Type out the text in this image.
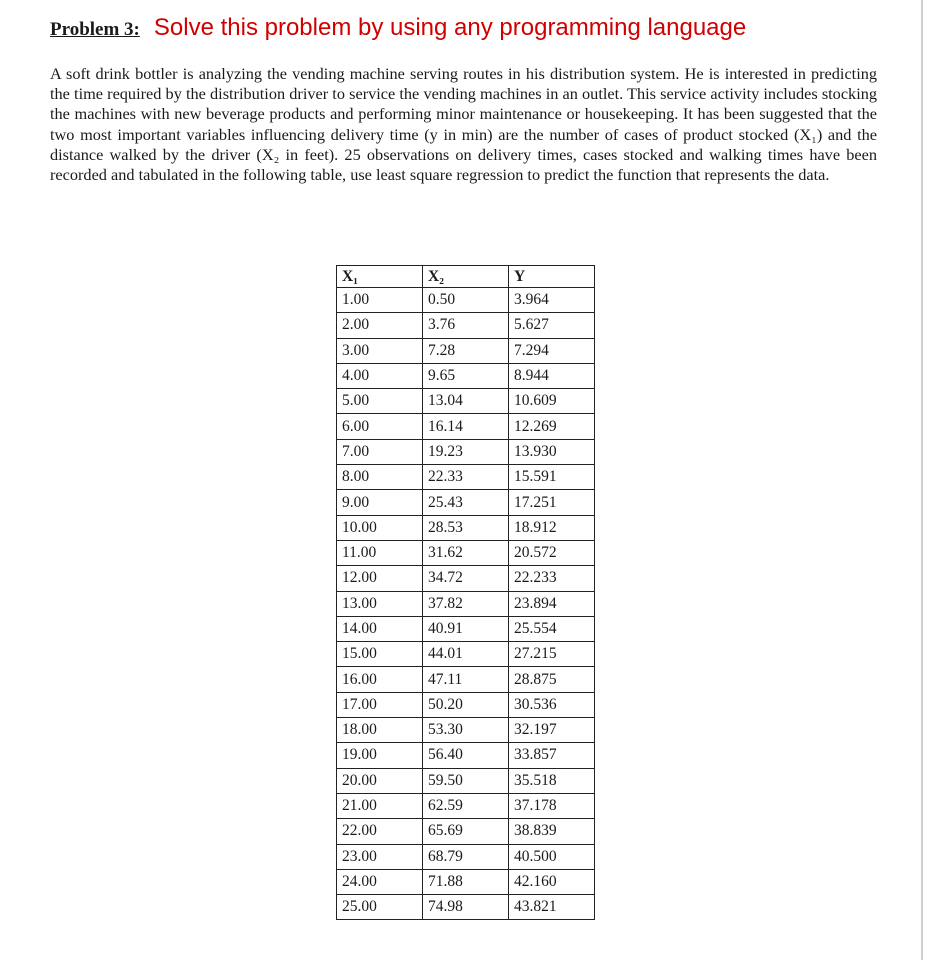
Problem 3: Solve this problem by using any programming language

A soft drink bottler is analyzing the vending machine serving routes in his distribution system. He is interested in predicting the time required by the distribution driver to service the vending machines in an outlet. This service activity includes stocking the machines with new beverage products and performing minor maintenance or housekeeping. It has been suggested that the two most important variables influencing delivery time (y in min) are the number of cases of product stocked (X₁) and the distance walked by the driver (X₂ in feet). 25 observations on delivery times, cases stocked and walking times have been recorded and tabulated in the following table, use least square regression to predict the function that represents the data.

X₁	X₂	Y
1.00	0.50	3.964
2.00	3.76	5.627
3.00	7.28	7.294
4.00	9.65	8.944
5.00	13.04	10.609
6.00	16.14	12.269
7.00	19.23	13.930
8.00	22.33	15.591
9.00	25.43	17.251
10.00	28.53	18.912
11.00	31.62	20.572
12.00	34.72	22.233
13.00	37.82	23.894
14.00	40.91	25.554
15.00	44.01	27.215
16.00	47.11	28.875
17.00	50.20	30.536
18.00	53.30	32.197
19.00	56.40	33.857
20.00	59.50	35.518
21.00	62.59	37.178
22.00	65.69	38.839
23.00	68.79	40.500
24.00	71.88	42.160
25.00	74.98	43.821
